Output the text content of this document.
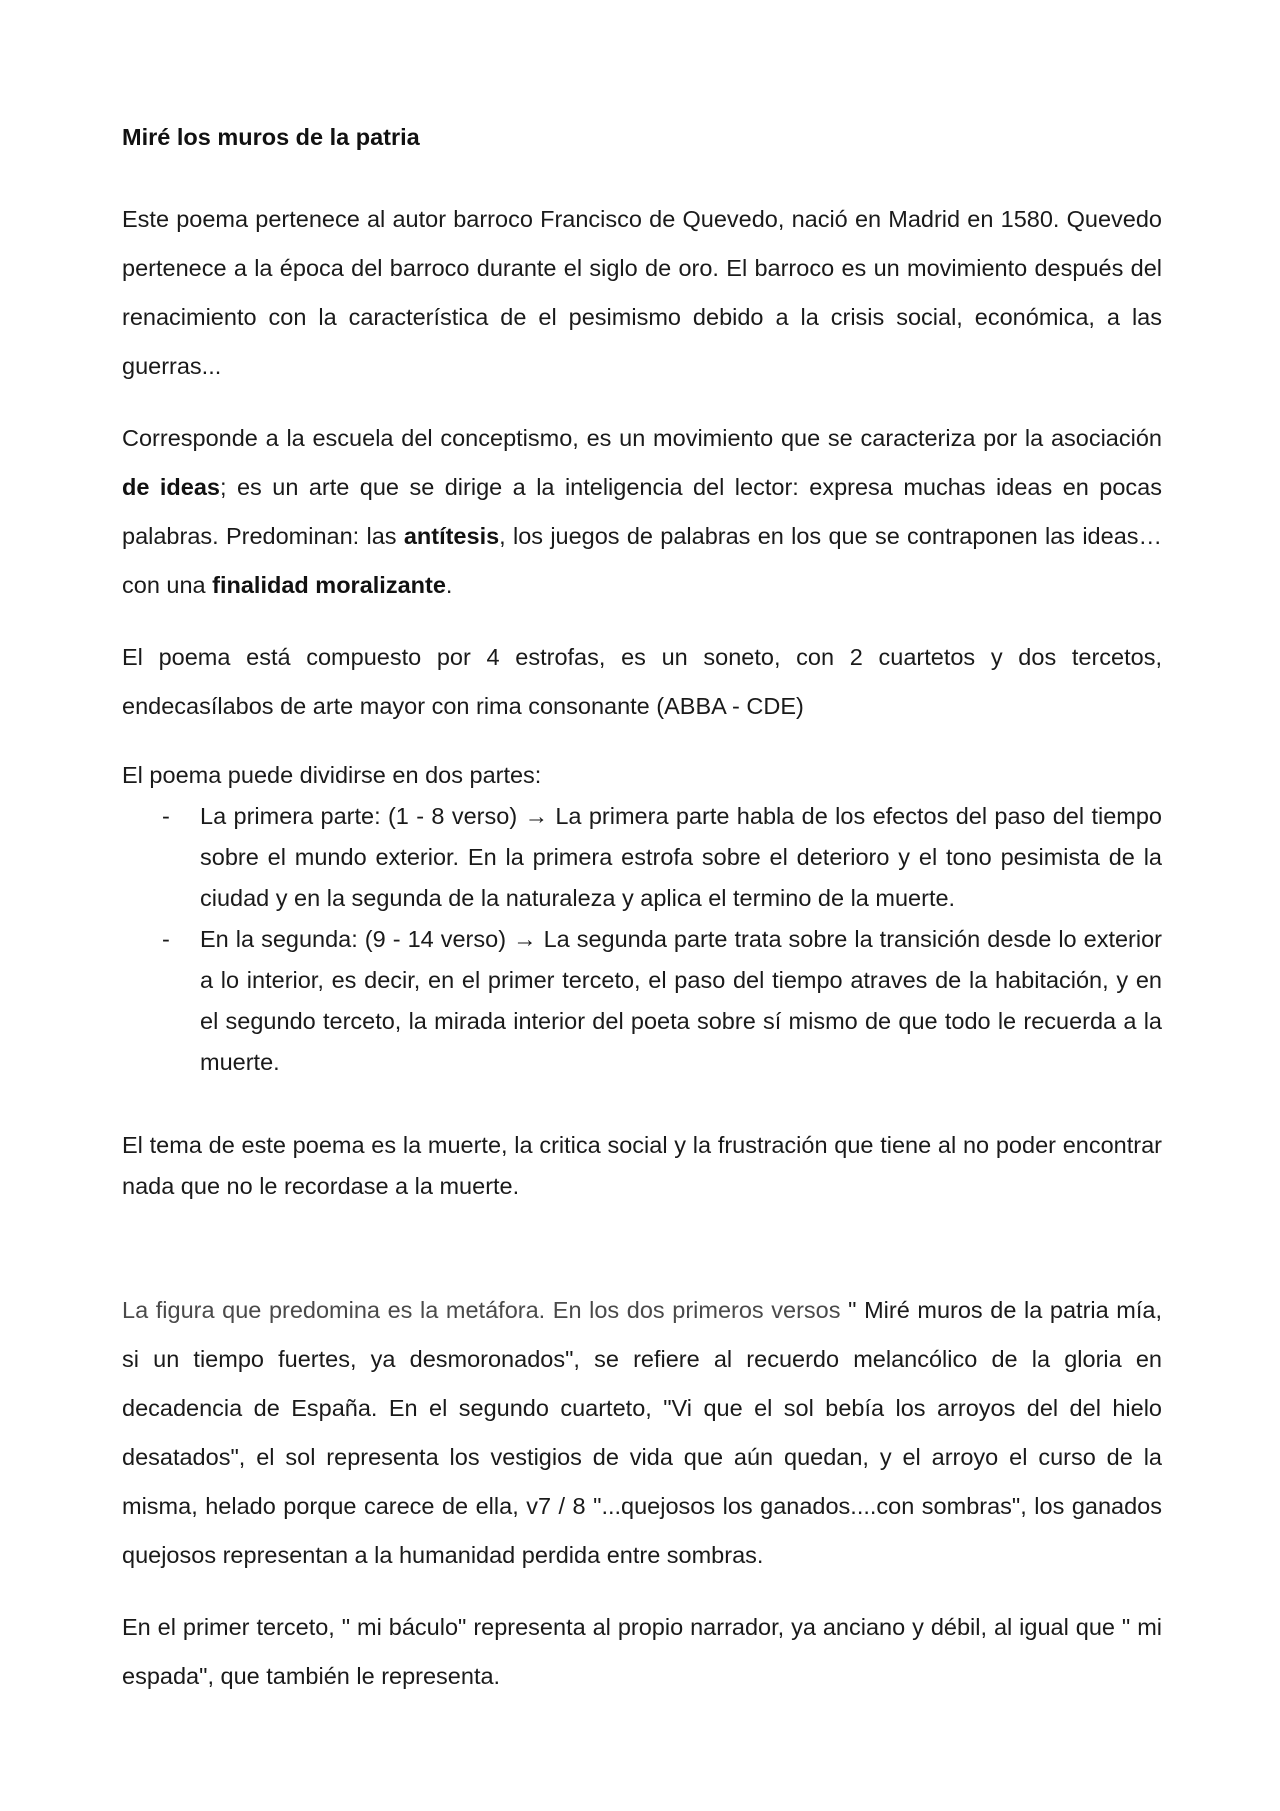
Miré los muros de la patria

Este poema pertenece al autor barroco Francisco de Quevedo, nació en Madrid en 1580. Quevedo pertenece a la época del barroco durante el siglo de oro. El barroco es un movimiento después del renacimiento con la característica de el pesimismo debido a la crisis social, económica, a las guerras...

Corresponde a la escuela del conceptismo, es un movimiento que se caracteriza por la asociación de ideas; es un arte que se dirige a la inteligencia del lector: expresa muchas ideas en pocas palabras. Predominan: las antítesis, los juegos de palabras en los que se contraponen las ideas… con una finalidad moralizante.

El poema está compuesto por 4 estrofas, es un soneto, con 2 cuartetos y dos tercetos, endecasílabos de arte mayor con rima consonante (ABBA - CDE)

El poema puede dividirse en dos partes:

- La primera parte: (1 - 8 verso) → La primera parte habla de los efectos del paso del tiempo sobre el mundo exterior. En la primera estrofa sobre el deterioro y el tono pesimista de la ciudad y en la segunda de la naturaleza y aplica el termino de la muerte.
- En la segunda: (9 - 14 verso) → La segunda parte trata sobre la transición desde lo exterior a lo interior, es decir, en el primer terceto, el paso del tiempo atraves de la habitación, y en el segundo terceto, la mirada interior del poeta sobre sí mismo de que todo le recuerda a la muerte.

El tema de este poema es la muerte, la critica social y la frustración que tiene al no poder encontrar nada que no le recordase a la muerte.

La figura que predomina es la metáfora. En los dos primeros versos " Miré muros de la patria mía, si un tiempo fuertes, ya desmoronados", se refiere al recuerdo melancólico de la gloria en decadencia de España. En el segundo cuarteto, "Vi que el sol bebía los arroyos del del hielo desatados", el sol representa los vestigios de vida que aún quedan, y el arroyo el curso de la misma, helado porque carece de ella, v7 / 8 "...quejosos los ganados....con sombras", los ganados quejosos representan a la humanidad perdida entre sombras.

En el primer terceto, " mi báculo" representa al propio narrador, ya anciano y débil, al igual que " mi espada", que también le representa.
